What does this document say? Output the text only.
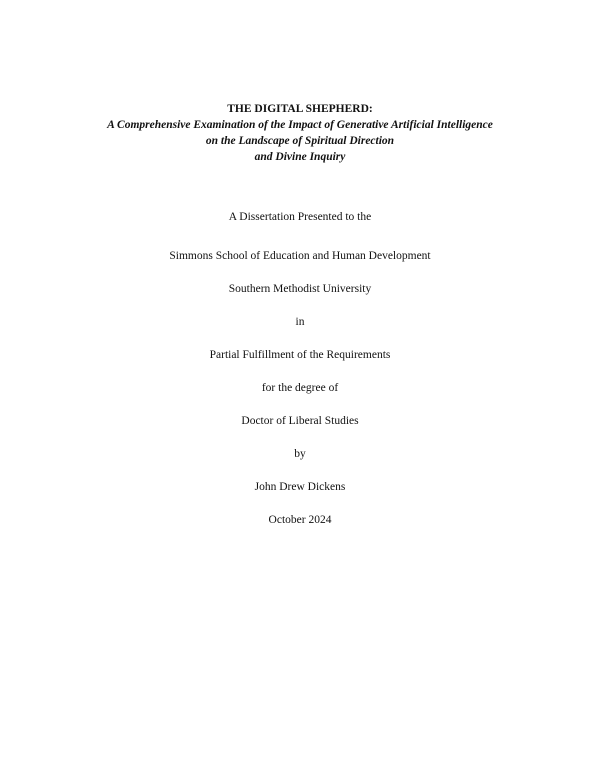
THE DIGITAL SHEPHERD:
A Comprehensive Examination of the Impact of Generative Artificial Intelligence
on the Landscape of Spiritual Direction
and Divine Inquiry
A Dissertation Presented to the
Simmons School of Education and Human Development
Southern Methodist University
in
Partial Fulfillment of the Requirements
for the degree of
Doctor of Liberal Studies
by
John Drew Dickens
October 2024
